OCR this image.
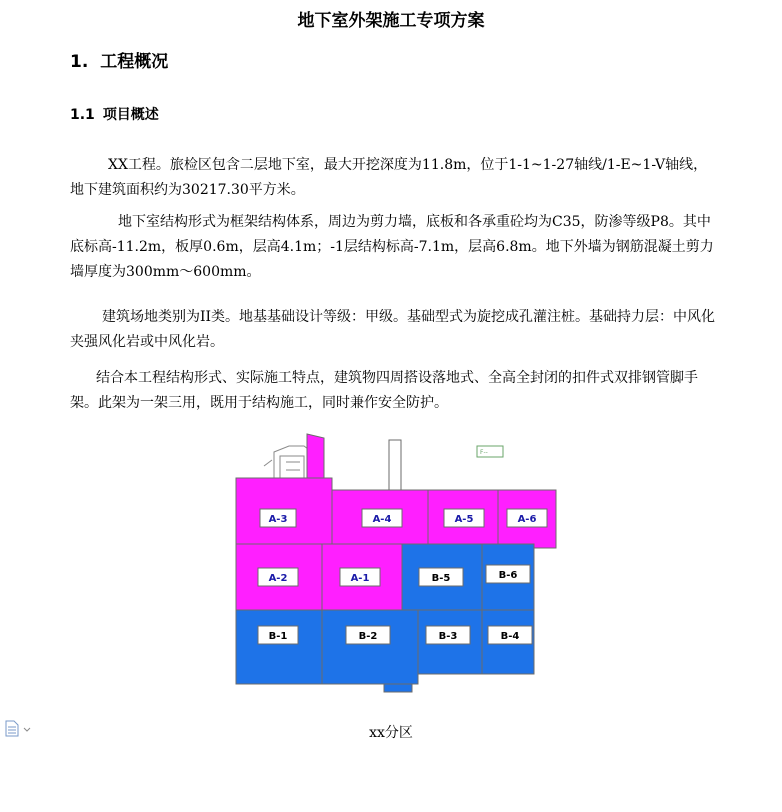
地下室外架施工专项方案
1. 工程概况
1.1 项目概述
XX工程。旅检区包含二层地下室，最大开挖深度为11.8m，位于1-1~1-27轴线/1-E~1-V轴线，地下建筑面积约为30217.30平方米。
地下室结构形式为框架结构体系，周边为剪力墙，底板和各承重砼均为C35，防渗等级P8。其中底标高-11.2m，板厚0.6m，层高4.1m；-1层结构标高-7.1m，层高6.8m。地下外墙为钢筋混凝土剪力墙厚度为300mm～600mm。
建筑场地类别为II类。地基基础设计等级：甲级。基础型式为旋挖成孔灌注桩。基础持力层：中风化夹强风化岩或中风化岩。
结合本工程结构形式、实际施工特点，建筑物四周搭设落地式、全高全封闭的扣件式双排钢管脚手架。此架为一架三用，既用于结构施工，同时兼作安全防护。
F--
A-3	A-4	A-5	A-6
A-2	A-1	B-5	B-6
B-1	B-2	B-3	B-4
xx分区
